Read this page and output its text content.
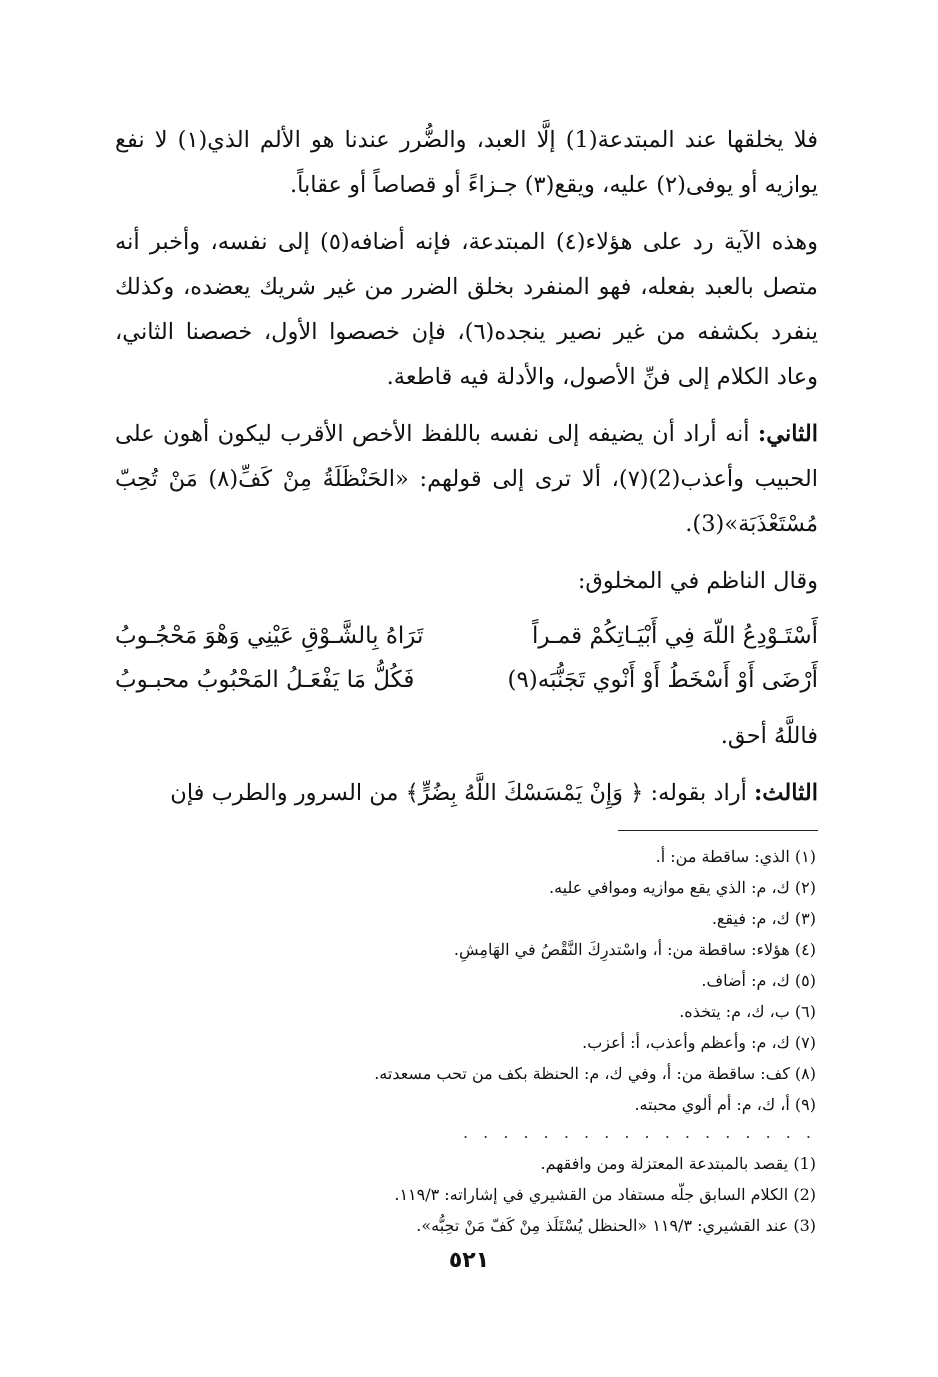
فلا يخلقها عند المبتدعة(1) إلَّا العبد، والضُّرر عندنا هو الألم الذي(١) لا نفع يوازيه أو يوفى(٢) عليه، ويقع(٣) جـزاءً أو قصاصاً أو عقاباً.

وهذه الآية رد على هؤلاء(٤) المبتدعة، فإنه أضافه(٥) إلى نفسه، وأخبر أنه متصل بالعبد بفعله، فهو المنفرد بخلق الضرر من غير شريك يعضده، وكذلك ينفرد بكشفه من غير نصير ينجده(٦)، فإن خصصوا الأول، خصصنا الثاني، وعاد الكلام إلى فنِّ الأصول، والأدلة فيه قاطعة.

الثاني: أنه أراد أن يضيفه إلى نفسه باللفظ الأخص الأقرب ليكون أهون على الحبيب وأعذب(2)(٧)، ألا ترى إلى قولهم: «الحَنْظَلَةُ مِنْ كَفِّ(٨) مَنْ تُحِبّ مُسْتَعْذَبَة»(3).

وقال الناظم في المخلوق:

أَسْتَـوْدِعُ اللّهَ فِي أَبْيَـاتِكُمْ قمـراً
تَرَاهُ بِالشَّـوْقِ عَيْنِي وَهْوَ مَحْجُـوبُ
أَرْضَى أَوْ أَسْخَطُ أَوْ أَنْوي تَجَنُّبَه(٩)
فَكُلُّ مَا يَفْعَـلُ المَحْبُوبُ محبـوبُ

فاللَّهُ أحق.

الثالث: أراد بقوله: ﴿ وَإِنْ يَمْسَسْكَ اللَّهُ بِضُرٍّ﴾ من السرور والطرب فإن

(١) الذي: ساقطة من: أ.
(٢) ك، م: الذي يقع موازيه وموافي عليه.
(٣) ك، م: فيقع.
(٤) هؤلاء: ساقطة من: أ، واسْتدرِكَ النَّقْصُ في الهَامِشِ.
(٥) ك، م: أضاف.
(٦) ب، ك، م: يتخذه.
(٧) ك، م: وأعظم وأعذب، أ: أعزب.
(٨) كف: ساقطة من: أ، وفي ك، م: الحنظة بكف من تحب مسعدته.
(٩) أ، ك، م: أم ألوي محبته.
. . . . . . . . . . . . . . . . . .
(1) يقصد بالمبتدعة المعتزلة ومن وافقهم.
(2) الكلام السابق جلّه مستفاد من القشيري في إشاراته: ١١٩/٣.
(3) عند القشيري: ١١٩/٣ «الحنظل يُسْتَلَذ مِنْ كَفّ مَنْ تحِبُّه».
٥٢١
